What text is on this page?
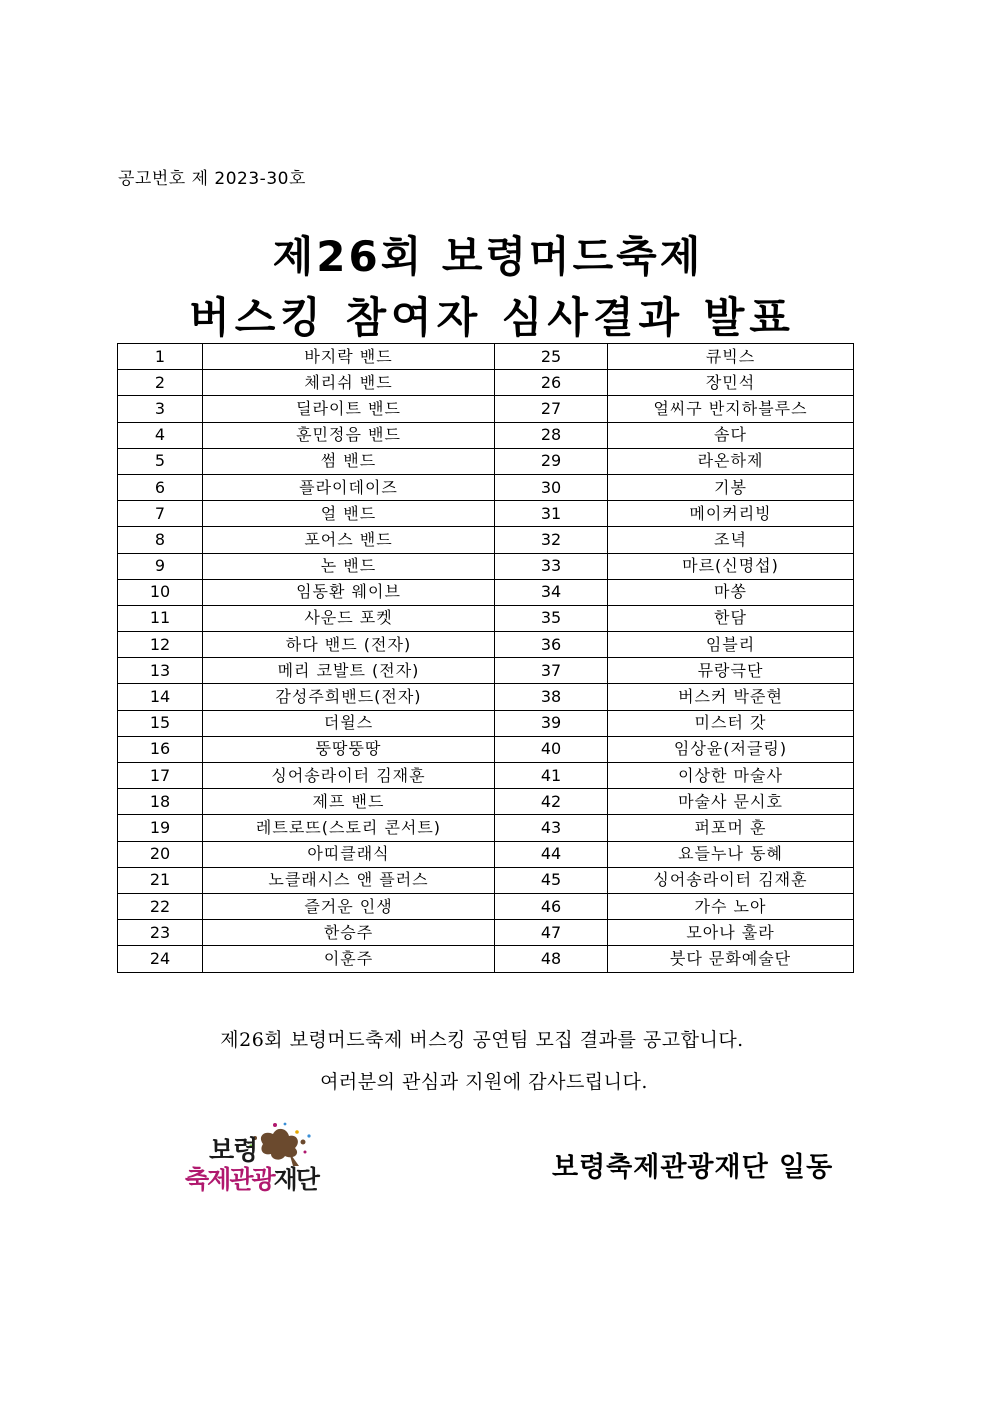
공고번호 제 2023-30호
제26회 보령머드축제
버스킹 참여자 심사결과 발표
1	바지락 밴드	25	큐빅스
2	체리쉬 밴드	26	장민석
3	딜라이트 밴드	27	얼씨구 반지하블루스
4	훈민정음 밴드	28	솜다
5	썸 밴드	29	라온하제
6	플라이데이즈	30	기봉
7	얼 밴드	31	메이커리빙
8	포어스 밴드	32	조녁
9	논 밴드	33	마르(신명섭)
10	임동환 웨이브	34	마쏭
11	사운드 포켓	35	한담
12	하다 밴드 (전자)	36	임블리
13	메리 코발트 (전자)	37	뮤랑극단
14	감성주희밴드(전자)	38	버스커 박준현
15	더윌스	39	미스터 갓
16	뚱땅뚱땅	40	임상윤(저글링)
17	싱어송라이터 김재훈	41	이상한 마술사
18	제프 밴드	42	마술사 문시호
19	레트로뜨(스토리 콘서트)	43	퍼포머 훈
20	아띠클래식	44	요들누나 동혜
21	노클래시스 앤 플러스	45	싱어송라이터 김재훈
22	즐거운 인생	46	가수 노아
23	한승주	47	모아나 훌라
24	이훈주	48	붓다 문화예술단
제26회 보령머드축제 버스킹 공연팀 모집 결과를 공고합니다.
여러분의 관심과 지원에 감사드립니다.
보령
축제관광재단	보령축제관광재단 일동
